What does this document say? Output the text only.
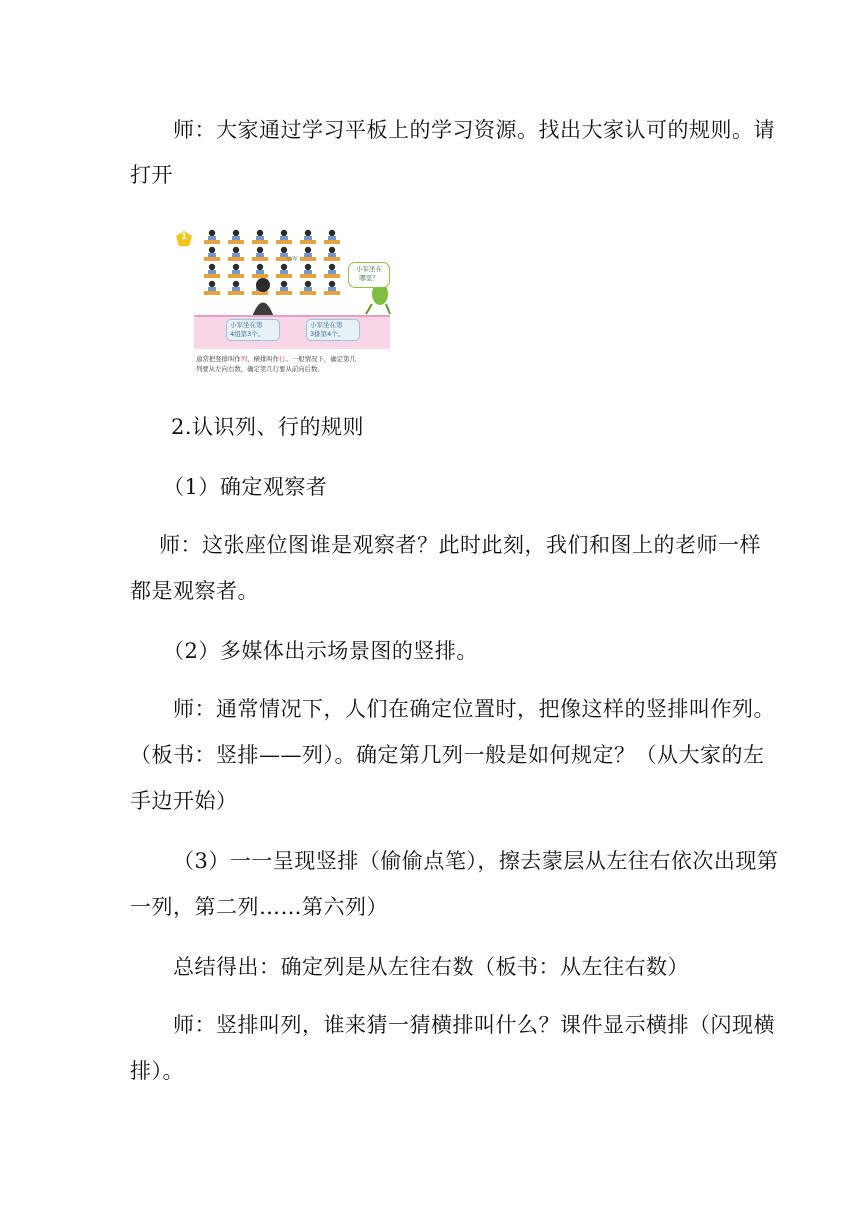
师：大家通过学习平板上的学习资源。找出大家认可的规则。请
打开
1
小军
小军坐在
哪里？
小军坐在第
4组第3个。
小军坐在第
3排第4个。
通常把竖排叫作列，横排叫作行。一般情况下，确定第几
列要从左向右数，确定第几行要从前向后数。
2.认识列、行的规则
（1）确定观察者
师：这张座位图谁是观察者？此时此刻，我们和图上的老师一样
都是观察者。
（2）多媒体出示场景图的竖排。
师：通常情况下，人们在确定位置时，把像这样的竖排叫作列。
（板书：竖排——列）。确定第几列一般是如何规定？（从大家的左
手边开始）
（3）一一呈现竖排（偷偷点笔），擦去蒙层从左往右依次出现第
一列，第二列……第六列）
总结得出：确定列是从左往右数（板书：从左往右数）
师：竖排叫列，谁来猜一猜横排叫什么？课件显示横排（闪现横
排）。
